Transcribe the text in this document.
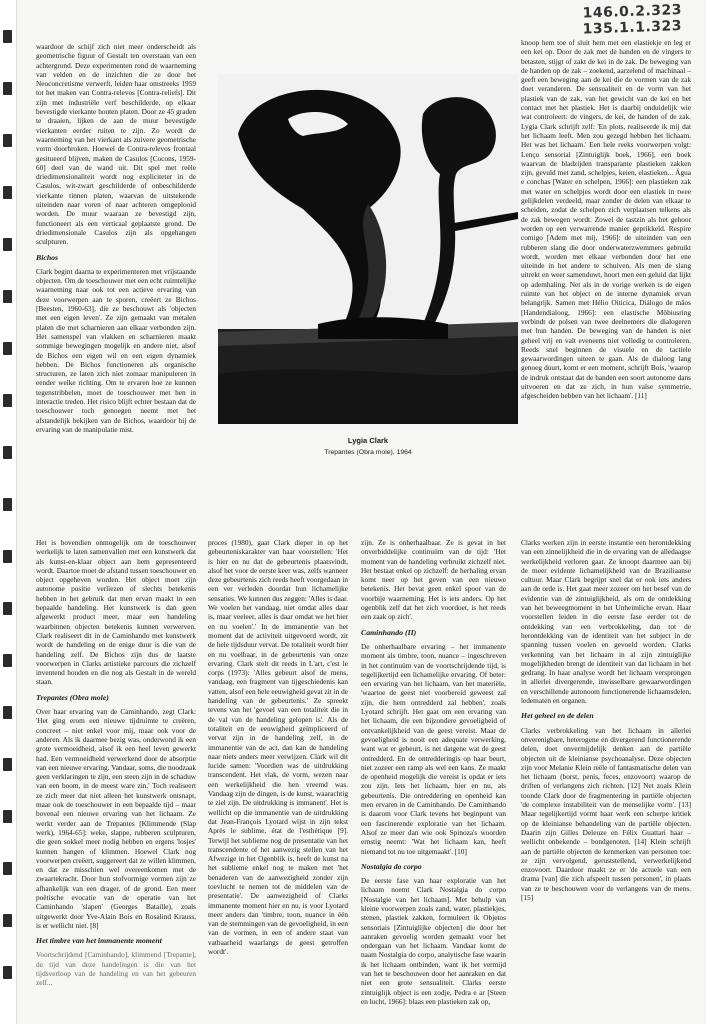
146.0.2.323
135.1.1.323

waardoor de schijf zich niet meer onderscheidt als geometrische figuur of Gestalt ten overstaan van een achtergrond. Deze experimenten rond de waarneming van velden en de inzichten die ze door het Neoconcretisme verwerft, leiden haar omstreeks 1959 tot het maken van Contra-relevos [Contra-reliefs]. Dit zijn met industriële verf beschilderde, op elkaar bevestigde vierkante houten platen. Door ze 45 graden te draaien, lijken de aan de muur bevestigde vierkanten eerder ruiten te zijn. Zo wordt de waarneming van het vierkant als zuivere geometrische vorm doorbroken. Hoewel de Contra-relevos frontaal gesitueerd blijven, maken de Casulos [Cocons, 1959-60] deel van de wand uit. Dit spel met reële driedimensionaliteit wordt nog expliciteter in de Casulos, wit-zwart geschilderde of onbeschilderde vierkante tinnen platen, waarvan de uitstekende uiteinden naar voren of naar achteren omgeplooid worden. De muur waaraan ze bevestigd zijn, functioneert als een verticaal geplaatste grond. De driedimensionale Casulos zijn als opgehangen sculpturen.

Bichos

Clark begint daarna te experimenteren met vrijstaande objecten. Om de toeschouwer met een echt ruimtelijke waarneming naar ook tot een actieve ervaring van deze voorwerpen aan te sporen, creëert ze Bichos [Beesten, 1960-63], die ze beschouwt als 'objecten met een eigen leven'. Ze zijn gemaakt van metalen platen die met scharnieren aan elkaar verbonden zijn. Het samenspel van vlakken en scharnieren maakt sommige bewegingen mogelijk en andere niet, alsof de Bichos een eigen wil en een eigen dynamiek hebben. De Bichos functioneren als organische structuren, ze laten zich niet zomaar manipuleren in eender welke richting. Om te ervaren hoe ze kunnen tegenstribbelen, moet de toeschouwer met hen in interactie treden. Het risico blijft echter bestaan dat de toeschouwer toch genoegen neemt met het afstandelijk bekijken van de Bichos, waardoor hij de ervaring van de manipulatie mist.

Lygia Clark
Trepantes (Obra mole), 1964

knoop hem toe of sluit hem met een elastiekje en leg er een kei op. Door de zak met de handen en de vingers te betasten, stijgt of zakt de kei in de zak. De beweging van de handen op de zak – zoekend, aarzelend of machinaal – geeft een beweging aan de kei die de vormen van de zak doet veranderen. De sensualiteit en de vorm van het plastiek van de zak, van het gewicht van de kei en het contact met het plastiek. Het is daarbij onduidelijk wie wat controleert: de vingers, de kei, de handen of de zak. Lygia Clark schrijft zelf: 'En plots, realiseerde ik mij dat het lichaam leeft. Men zou gezegd hebben het lichaam. Het was het lichaam.' Een hele reeks voorwerpen volgt: Lenço sensorial [Zintuiglijk boek, 1966], een boek waarvan de bladzijden transparante plastieken zakken zijn, gevuld met zand, schelpjes, keien, elastieken... Água e conchas [Water en schelpen, 1966]: een plastieken zak met water en schelpjes wordt door een elastiek in twee gelijkdelen verdeeld, maar zonder de delen van elkaar te scheiden, zodat de schelpen zich verplaatsen telkens als de zak bewogen wordt. Zowel de tastzin als het gehoor worden op een verwarrende manier geprikkeld. Respire comigo [Adem met mij, 1966]: de uiteinden van een rubberen slang die door onderwaterzwemmers gebruikt wordt, worden met elkaar verbonden door het ene uiteinde in het andere te schuiven. Als men de slang uitrekt en weer samenduwt, hoort men een geluid dat lijkt op ademhaling. Net als in de vorige werken is de eigen ruimte van het object en de interne dynamiek ervan belangrijk. Samen met Hélio Oiticica, Diálogo de mãos [Handendialoog, 1966]: een elastische Möbiusring verbindt de polsen van twee deelnemers die dialogeren met hun handen. De beweging van de handen is niet geheel vrij en valt eveneens niet volledig te controleren. Reeds snel beginnen de visuele en de tactiele gewaarwordingen uiteen te gaan. Als de dialoog lang genoeg duurt, komt er een moment, schrijft Bois, 'waarop de indruk ontstaat dat de handen een soort autonome dans uitvoeren en dat ze zich, in hun valse symmetrie, afgescheiden hebben van het lichaam'. [11]

Het is bovendien onmogelijk om de toeschouwer werkelijk te laten samenvallen met een kunstwerk dat als kunst-en-klaar object aan hem gepresenteerd wordt. Daartoe moet de afstand tussen toeschouwer en object opgeheven worden. Het object moet zijn autonome positie verliezen of slechts betekenis hebben in het gebruik dat men ervan maakt in een bepaalde handeling. Het kunstwerk is dan geen afgewerkt product meer, maar een handeling waarbinnen objecten betekenis kunnen verwerven. Clark realiseert dit in de Caminhando met kunstwerk wordt de handeling en de enige duur is die van de handeling zelf. De Bichos zijn dus de laatste voorwerpen in Clarks artistieke parcours die zichzelf inventend houden en die nog als Gestalt in de wereld staan.

Trepantes (Obra mole)

Over haar ervaring van de Caminhando, zegt Clark: 'Het ging erom een nieuwe tijdruimte te creëren, concreet – niet enkel voor mij, maar ook voor de anderen. Als ik daarmee bezig was, onderwond ik een grote vermoeidheid, alsof ik een heel leven gewerkt had. Een vermoeidheid verwerkend door de absorptie van een nieuwe ervaring. Vandaar, soms, die noodzaak geen verklaringen te zijn, een steen zijn in de schaduw van een boom, in de meest ware zin.' Toch realiseert ze zich meer dat niet alleen het kunstwerk ontsnapt, maar ook de toeschouwer in een bepaalde tijd – maar bovenal een nieuwe ervaring van het lichaam. Ze werkt verder aan de Trepantes [Klimmende (Slap werk), 1964-65]: weke, slappe, rubberen sculpturen, die geen sokkel meer nodig hebben en ergens 'losjes' kunnen hangen of klimmen. Hoewel Clark nog voorwerpen creëert, suggereert dat ze willen klimmen, en dat ze misschien wel overeenkomen met de zwaartekracht. Door hun stofvormige vormen zijn ze afhankelijk van een drager, of de grond. Een meer poëtische evocatie van de operatie van het Caminhando 'slapen' (Georges Bataille), zoals uitgewerkt door Yve-Alain Bois en Rosalind Krauss, is er wellicht niet. [8]

Het timbre van het immanente moment

Voortschrijdend [Caminhando], klimmend [Trepante], de tijd van deze handelingen is die van het tijdsverloop van de handeling en van het gebeuren zelf...

proces (1980), gaat Clark dieper in op het gebeurteniskarakter van haar voorstellen: 'Het is hier en nu dat de gebeurtenis plaatsvindt, alsof het voor de eerste keer was, zelfs wanneer deze gebeurtenis zich reeds heeft voorgedaan in een ver verleden doordat hun lichamelijke sensaties. We kunnen dus zeggen: 'Alles is daar. We voelen het vandaag, niet omdat alles daar is, maar veeleer, alles is daar omdat we het hier en nu voelen'.' In de immanentie van het moment dat de activiteit uitgevoerd wordt, zit de hele tijdsduur vervat. De totaliteit wordt hier en nu voelbaar, in de gebeurtenis van onze ervaring. Clark stelt dit reeds in L'art, c'est le corps (1973): 'Alles gebeurt alsof de mens, vandaag, een fragment van tijgeschiedenis kan vatten, alsof een hele eeuwigheid gevat zit in de handeling van de gebeurtenis.' Ze spreekt tevens van het 'gevoel van een totaliteit die in de val van de handeling gelopen is'. Als de totaliteit en de eeuwigheid geïmpliceerd of vervat zijn in de handeling zelf, in de immanentie van de act, dan kan de handeling naar niets anders meer verwijzen. Clark wil dit lucide samen: 'Voordien was de uitdrukking transcendent. Het vlak, de vorm, wezen naar een werkelijkheid die hen vreemd was. Vandaag zijn de dingen, is de kunst, waarachtig te ziel zijn. De uitdrukking is immanent'. Het is wellicht op die immanentie van de uitdrukking dat Jean-François Lyotard wijst in zijn tekst Après le sublime, état de l'esthétique [9]. Terwijl het sublieme nog de presentatie van het transcendente of het aanwezig stellen van het Afwezige in het Ogenblik is, heeft de kunst na het sublieme enkel nog te maken met 'het benaderen van de aanwezigheid zonder zijn toevlucht te nemen tot de middelen van de presentatie'. De aanwezigheid of Clarks immanente moment hier en nu, is voor Lyotard meer anders dan 'timbre, toon, nuance in één van de stemmingen van de gevoeligheid, in een van de vormen, in een of andere staat van vatbaarheid waarlangs de geest getroffen wordt'.

zijn. Ze is onherhaalbaar. Ze is gevat in het onverbiddelijke continuüm van de tijd: 'Het moment van de handeling verbruikt zichzelf niet. Het bestaat enkel op zichzelf: de herhaling ervan komt neer op het geven van een nieuwe betekenis. Het bevat geen enkel spoor van de voorbije waarneming. Het is iets anders. Op het ogenblik zelf dat het zich voordoet, is het reeds een zaak op zich'.

Caminhando (II)

De onherhaalbare ervaring – het immanente moment als timbre, toon, nuance – ingeschreven in het continuüm van de voortschrijdende tijd, is tegelijkertijd een lichamelijke ervaring. Of beter: een ervaring van het lichaam, van het materiële, 'waartoe de geest niet voorbereid geweest zal zijn, die hem ontredderd zal hebben', zoals Lyotard schrijft. Het gaat om een ervaring van het lichaam, die een bijzondere gevoeligheid of ontvankelijkheid van de geest vereist. Maar de gevoeligheid is nooit een adequate verwerking, want wat er gebeurt, is net datgene wat de geest ontredderd. En de ontredderingis op haar beurt, niet zozeer een ramp als wel een kans. Ze maakt de openheid mogelijk die vereist is opdat er iets zou zijn. Iets het lichaam, hier en nu, als gebeurtenis. Die ontreddering en openheid kan men ervaren in de Caminhando. De Caminhando is daarom voor Clark tevens het beginpunt van een fascinerende exploratie van het lichaam. Alsof ze meer dan wie ook Spinoza's woorden ernstig neemt: 'Wat het lichaam kan, heeft niemand tot nu toe uitgemaakt'. [10]

Nostalgia do corpo

De eerste fase van haar exploratie van het lichaam noemt Clark Nostalgia do corpo [Nostalgie van het lichaam]. Met behulp van kleine voorwerpen zoals zand, water, plastiekjes, stenen, plastiek zakken, formuleert ik Objetos sensoriais [Zintuiglijke objecten] die door het aanraken gevoelig worden gemaakt voor het ondergaan van het lichaam. Vandaar komt de naam Nostalgia do corpo, analytische fase waarin ik het lichaam ontbinden, want ik het vermijd van het te beschouwen door het aanraken en dat niet een grote sensualiteit. Clarks eerste zintuiglijk object is een zodje, Pedra e ar [Steen en lucht, 1966]: blaas een plastieken zak op,

Clarks werken zijn in eerste instantie een herontdekking van een zinnelijkheid die in de ervaring van de alledaagse werkelijkheid verloren gaat. Ze knoopt daarmee aan bij de meer evidente lichamelijkheid van de Braziliaanse cultuur. Maar Clark begrijpt snel dat er ook iets anders aan de orde is. Het gaat meer zozeer om het besef van de evidentie van de zintuiglijkheid, als om de ontdekking van het beweegmoment in het Unheimliche ervan. Haar voorstellen leiden in die eerste fase eerder tot de ontdekking van een verbrokkeling, dan tot de herontdekking van de identiteit van het subject in de spanning tussen voelen en gevoeld worden. Clarks verkenning van het lichaam in al zijn zintuiglijke mogelijkheden brengt de identiteit van dat lichaam in het gedrang. In haar analyse wordt het lichaam versprongen in allerlei divergerende, inwisselbare gewaarwordingen en verschillende autonoom functionerende lichaamsdelen, ledematen en organen.

Het geheel en de delen

Clarks verbrokkeling van het lichaam in allerlei onverenigbare, heterogene en divergerend functionerende delen, doet onvermijdelijk denken aan de partiële objecten uit de kleinianse psychoanalyse. Deze objecten zijn voor Melanie Klein reële of fantasmatische delen van het lichaam (borst, penis, feces, enzovoort) waarop de driften of verlangens zich richten. [12] Net zoals Klein toonde Clark door de fragmentering in partiële objecten 'de complexe instabiliteit van de menselijke vorm'. [13] Maar tegelijkertijd vormt haar werk een scherpe kritiek op de kleinianse behandeling van de partiële objecten. Daarin zijn Gilles Deleuze en Félix Guattari haar – wellicht onbekende – bondgenoten. [14] Klein schrijft aan de partiële objecten de kenmerken van personen toe: ze zijn vervolgend, geruststellend, verwerkelijkend enzovoort. Daardoor maakt ze er 'de actuele van een drama [van] die zich afspeelt tussen personen', in plaats van ze te beschouwen voor de verlangens van de mens. [15]
